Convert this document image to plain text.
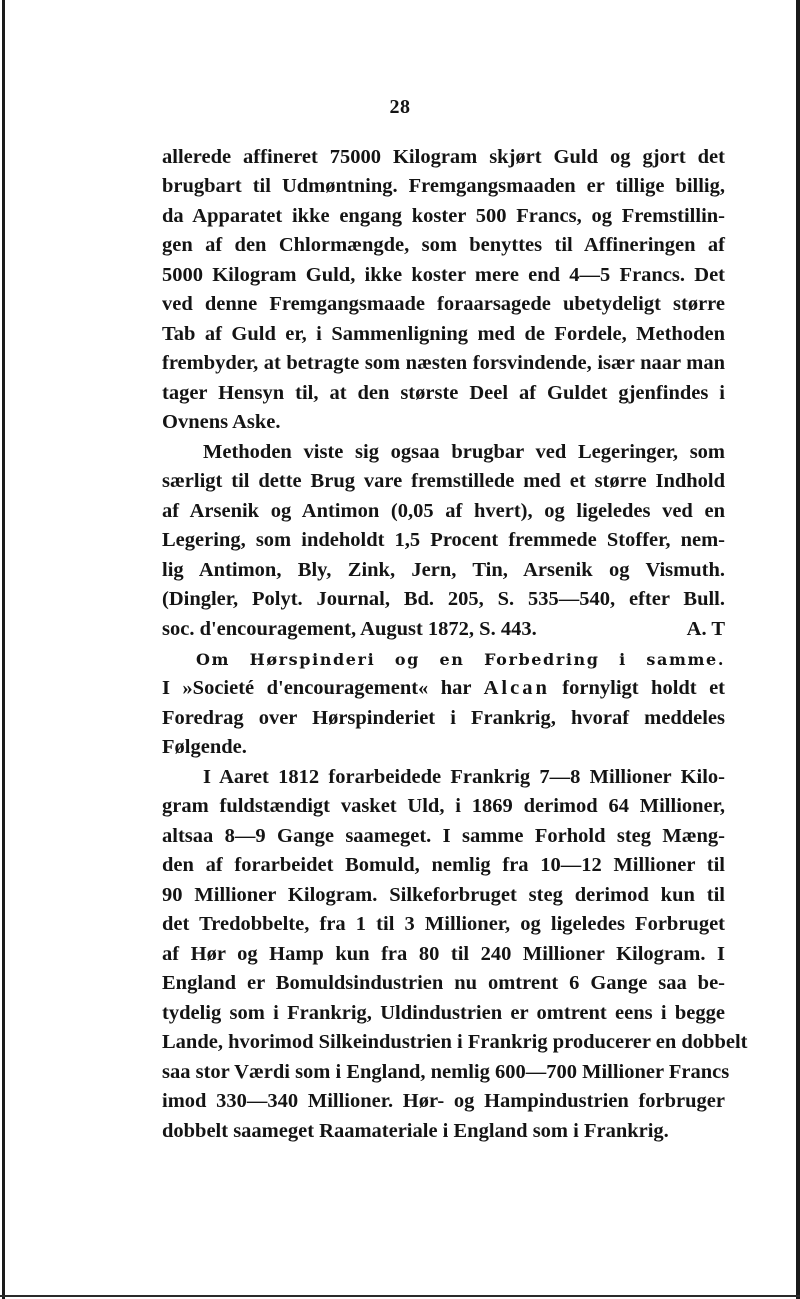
28
allerede affineret 75000 Kilogram skjørt Guld og gjort det
brugbart til Udmøntning. Fremgangsmaaden er tillige billig,
da Apparatet ikke engang koster 500 Francs, og Fremstillin-
gen af den Chlormængde, som benyttes til Affineringen af
5000 Kilogram Guld, ikke koster mere end 4—5 Francs. Det
ved denne Fremgangsmaade foraarsagede ubetydeligt større
Tab af Guld er, i Sammenligning med de Fordele, Methoden
frembyder, at betragte som næsten forsvindende, især naar man
tager Hensyn til, at den største Deel af Guldet gjenfindes i
Ovnens Aske.
Methoden viste sig ogsaa brugbar ved Legeringer, som
særligt til dette Brug vare fremstillede med et større Indhold
af Arsenik og Antimon (0,05 af hvert), og ligeledes ved en
Legering, som indeholdt 1,5 Procent fremmede Stoffer, nem-
lig Antimon, Bly, Zink, Jern, Tin, Arsenik og Vismuth.
(Dingler, Polyt. Journal, Bd. 205, S. 535—540, efter Bull.
soc. d'encouragement, August 1872, S. 443.	A. T
Om Hørspinderi og en Forbedring i samme.
I »Societé d'encouragement« har Alcan fornyligt holdt et
Foredrag over Hørspinderiet i Frankrig, hvoraf meddeles
Følgende.
I Aaret 1812 forarbeidede Frankrig 7—8 Millioner Kilo-
gram fuldstændigt vasket Uld, i 1869 derimod 64 Millioner,
altsaa 8—9 Gange saameget. I samme Forhold steg Mæng-
den af forarbeidet Bomuld, nemlig fra 10—12 Millioner til
90 Millioner Kilogram. Silkeforbruget steg derimod kun til
det Tredobbelte, fra 1 til 3 Millioner, og ligeledes Forbruget
af Hør og Hamp kun fra 80 til 240 Millioner Kilogram. I
England er Bomuldsindustrien nu omtrent 6 Gange saa be-
tydelig som i Frankrig, Uldindustrien er omtrent eens i begge
Lande, hvorimod Silkeindustrien i Frankrig producerer en dobbelt
saa stor Værdi som i England, nemlig 600—700 Millioner Francs
imod 330—340 Millioner. Hør- og Hampindustrien forbruger
dobbelt saameget Raamateriale i England som i Frankrig.
